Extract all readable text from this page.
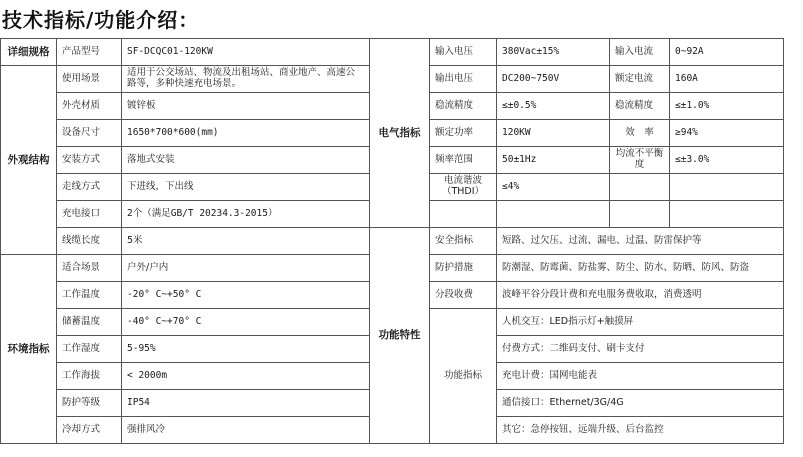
技术指标/功能介绍：
详细规格	产品型号	SF-DCQC01-120KW	电气指标	输入电压	380Vac±15%	输入电流	0~92A
外观结构	使用场景	适用于公交场站、物流及出租场站、商业地产、高速公路等，多种快速充电场景。		输出电压	DC200~750V	额定电流	160A
	外壳材质	镀锌板		稳流精度	≤±0.5%	稳流精度	≤±1.0%
	设备尺寸	1650*700*600(mm)		额定功率	120KW	效　率	≥94%
	安装方式	落地式安装		频率范围	50±1Hz	均流不平衡度	≤±3.0%
	走线方式	下进线，下出线		电流谐波（THDI）	≤4%		
	充电接口	2个（满足GB/T 20234.3-2015）					
	线缆长度	5米	功能特性	安全指标	短路、过欠压、过流、漏电、过温、防雷保护等		
环境指标	适合场景	户外/户内		防护措施	防潮湿、防霉菌、防盐雾、防尘、防水、防晒、防风、防盗		
	工作温度	-20° C~+50° C		分段收费	波峰平谷分段计费和充电服务费收取，消费透明		
	储蓄温度	-40° C~+70° C		功能指标	人机交互：LED指示灯+触摸屏		
	工作湿度	5-95%			付费方式：二维码支付、刷卡支付		
	工作海拔	< 2000m			充电计费：国网电能表		
	防护等级	IP54			通信接口：Ethernet/3G/4G		
	冷却方式	强排风冷			其它：急停按钮、远端升级、后台监控		
